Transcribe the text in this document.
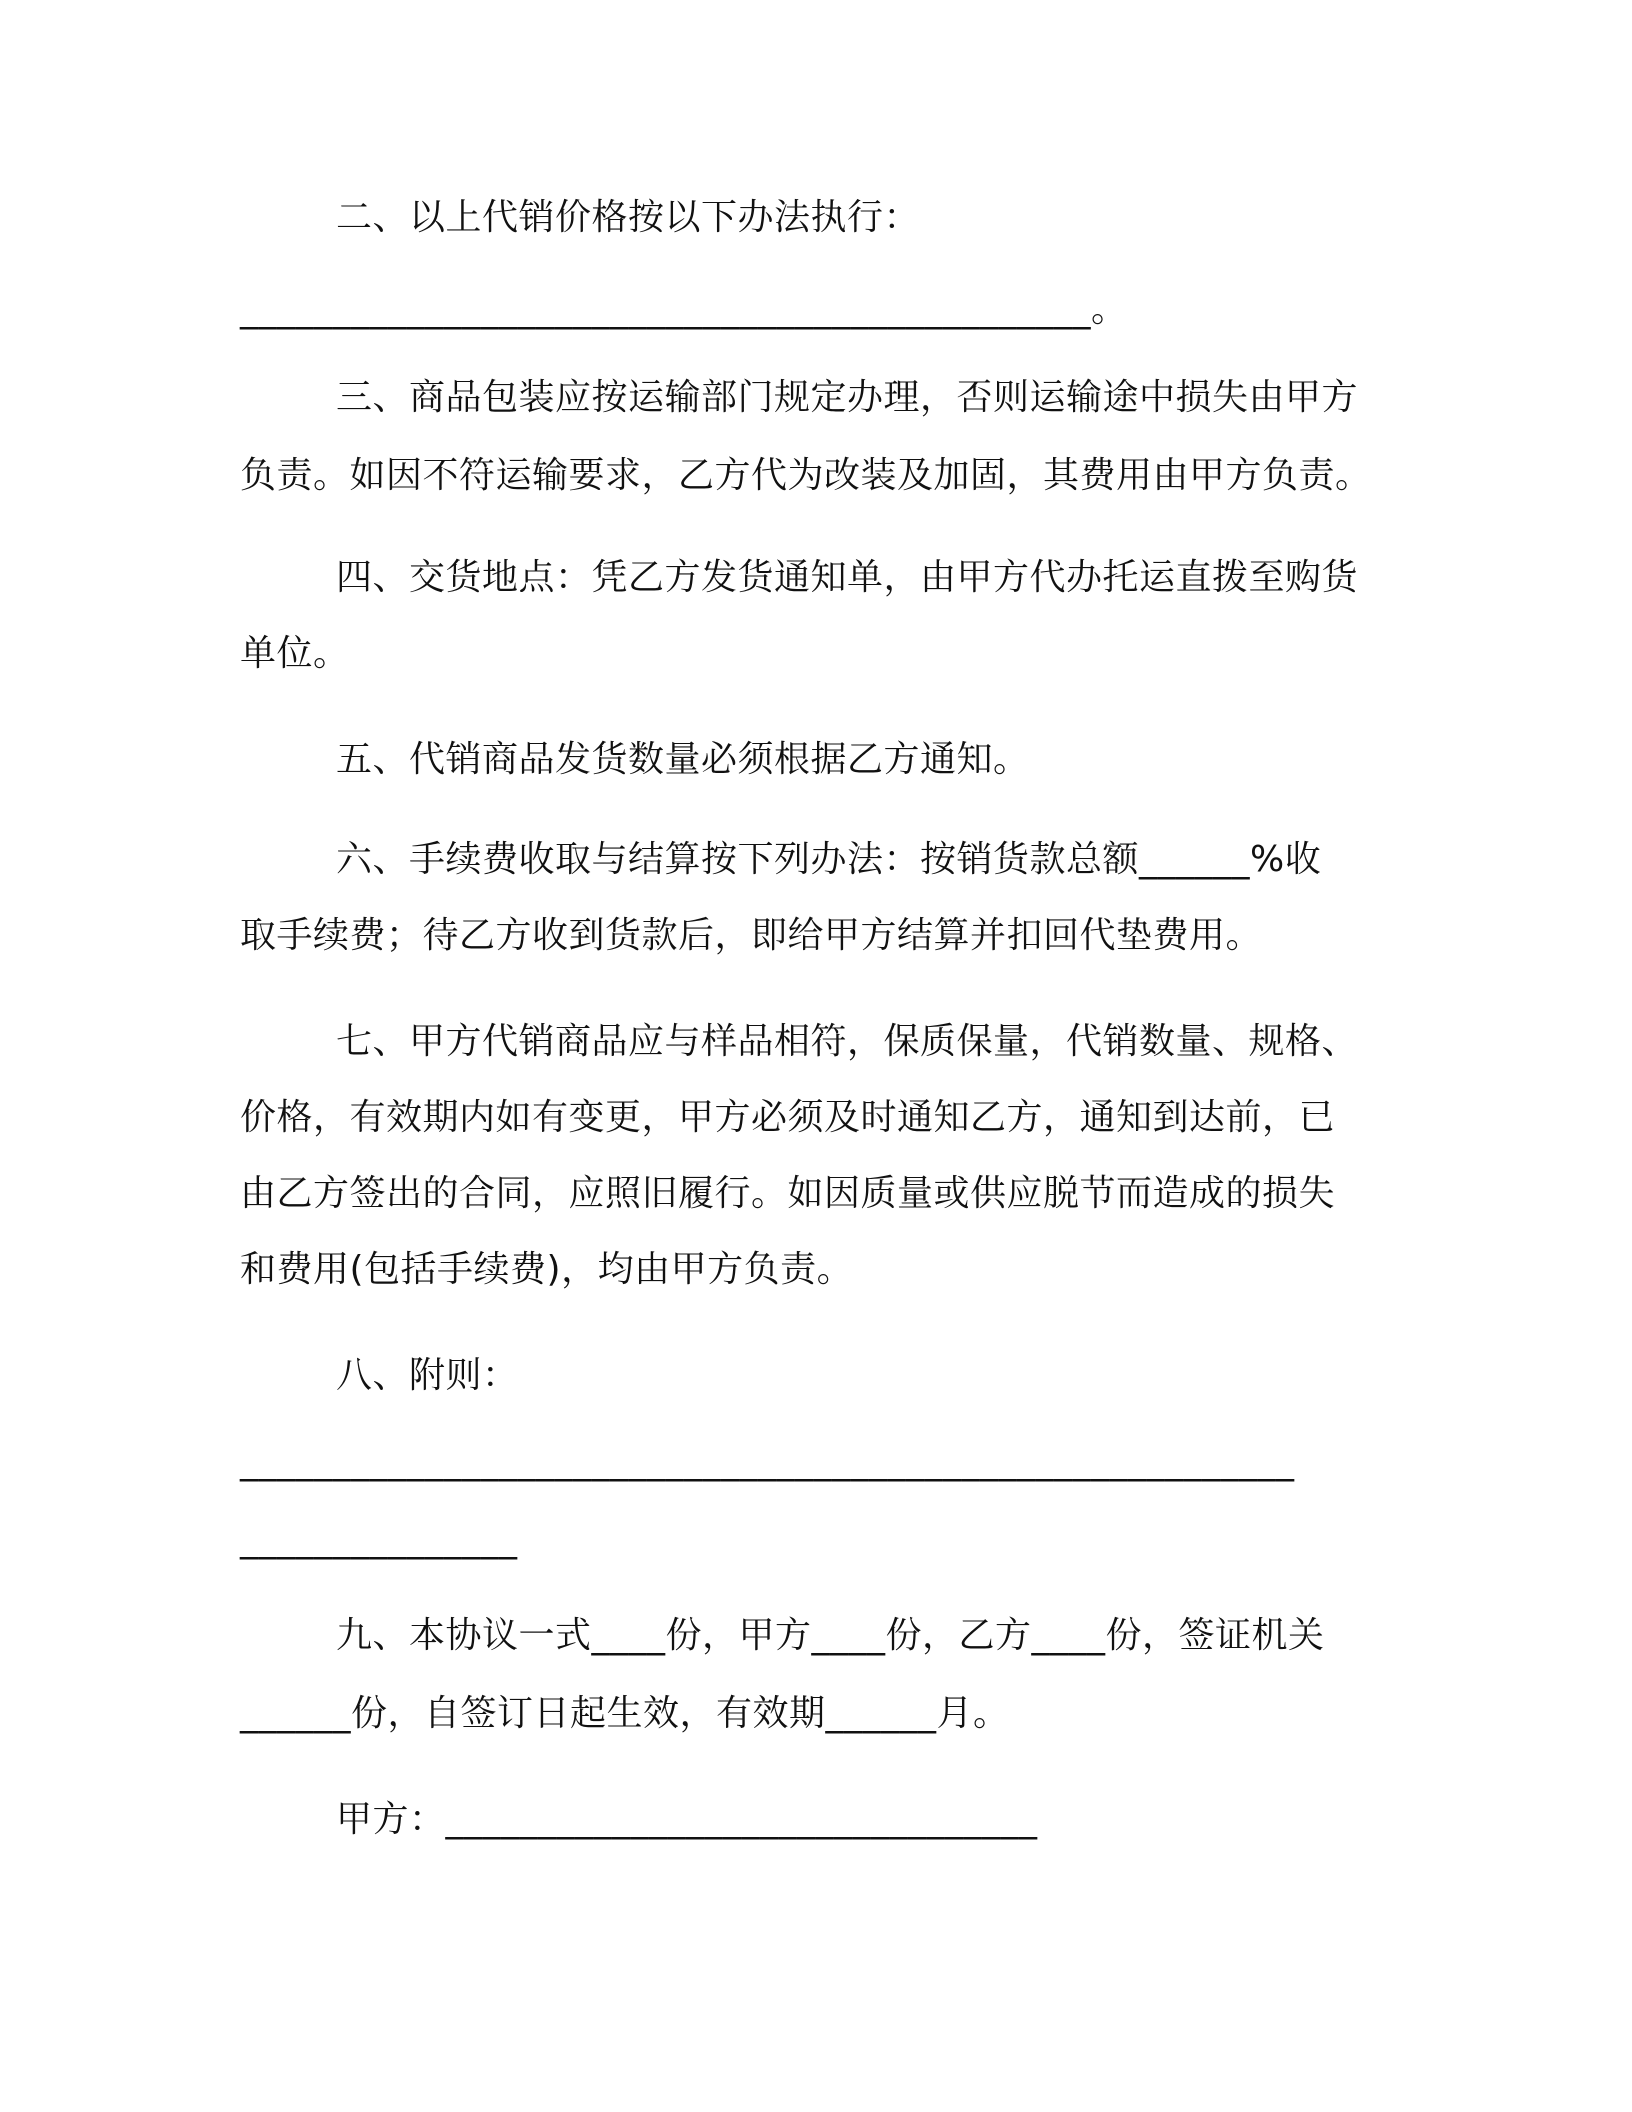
二、以上代销价格按以下办法执行：
______________________________________________。
三、商品包装应按运输部门规定办理，否则运输途中损失由甲方
负责。如因不符运输要求，乙方代为改装及加固，其费用由甲方负责。
四、交货地点：凭乙方发货通知单，由甲方代办托运直拨至购货
单位。
五、代销商品发货数量必须根据乙方通知。
六、手续费收取与结算按下列办法：按销货款总额______%收
取手续费；待乙方收到货款后，即给甲方结算并扣回代垫费用。
七、甲方代销商品应与样品相符，保质保量，代销数量、规格、
价格，有效期内如有变更，甲方必须及时通知乙方，通知到达前，已
由乙方签出的合同，应照旧履行。如因质量或供应脱节而造成的损失
和费用(包括手续费)，均由甲方负责。
八、附则：
_________________________________________________________
_______________
九、本协议一式____份，甲方____份，乙方____份，签证机关
______份，自签订日起生效，有效期______月。
甲方：________________________________
